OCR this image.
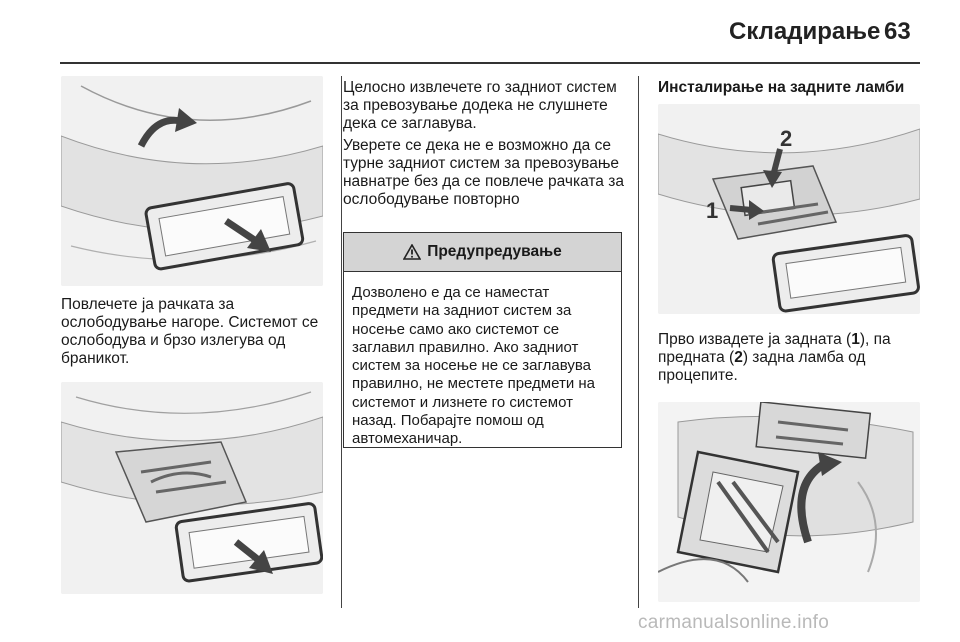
Складирање 63

Повлечете ја рачката за ослободување нагоре. Системот се ослободува и брзо излегува од браникот.

Целосно извлечете го задниот систем за превозување додека не слушнете дека се заглавува.

Уверете се дека не е возможно да се турне задниот систем за превозување навнатре без да се повлече рачката за ослободување повторно

Предупредување
Дозволено е да се наместат предмети на задниот систем за носење само ако системот се заглавил правилно. Ако задниот систем за носење не се заглавува правилно, не местете предмети на системот и лизнете го системот назад. Побарајте помош од автомеханичар.

Инсталирање на задните ламби

2
1

Прво извадете ја задната (1), па предната (2) задна ламба од процепите.

carmanualsonline.info
